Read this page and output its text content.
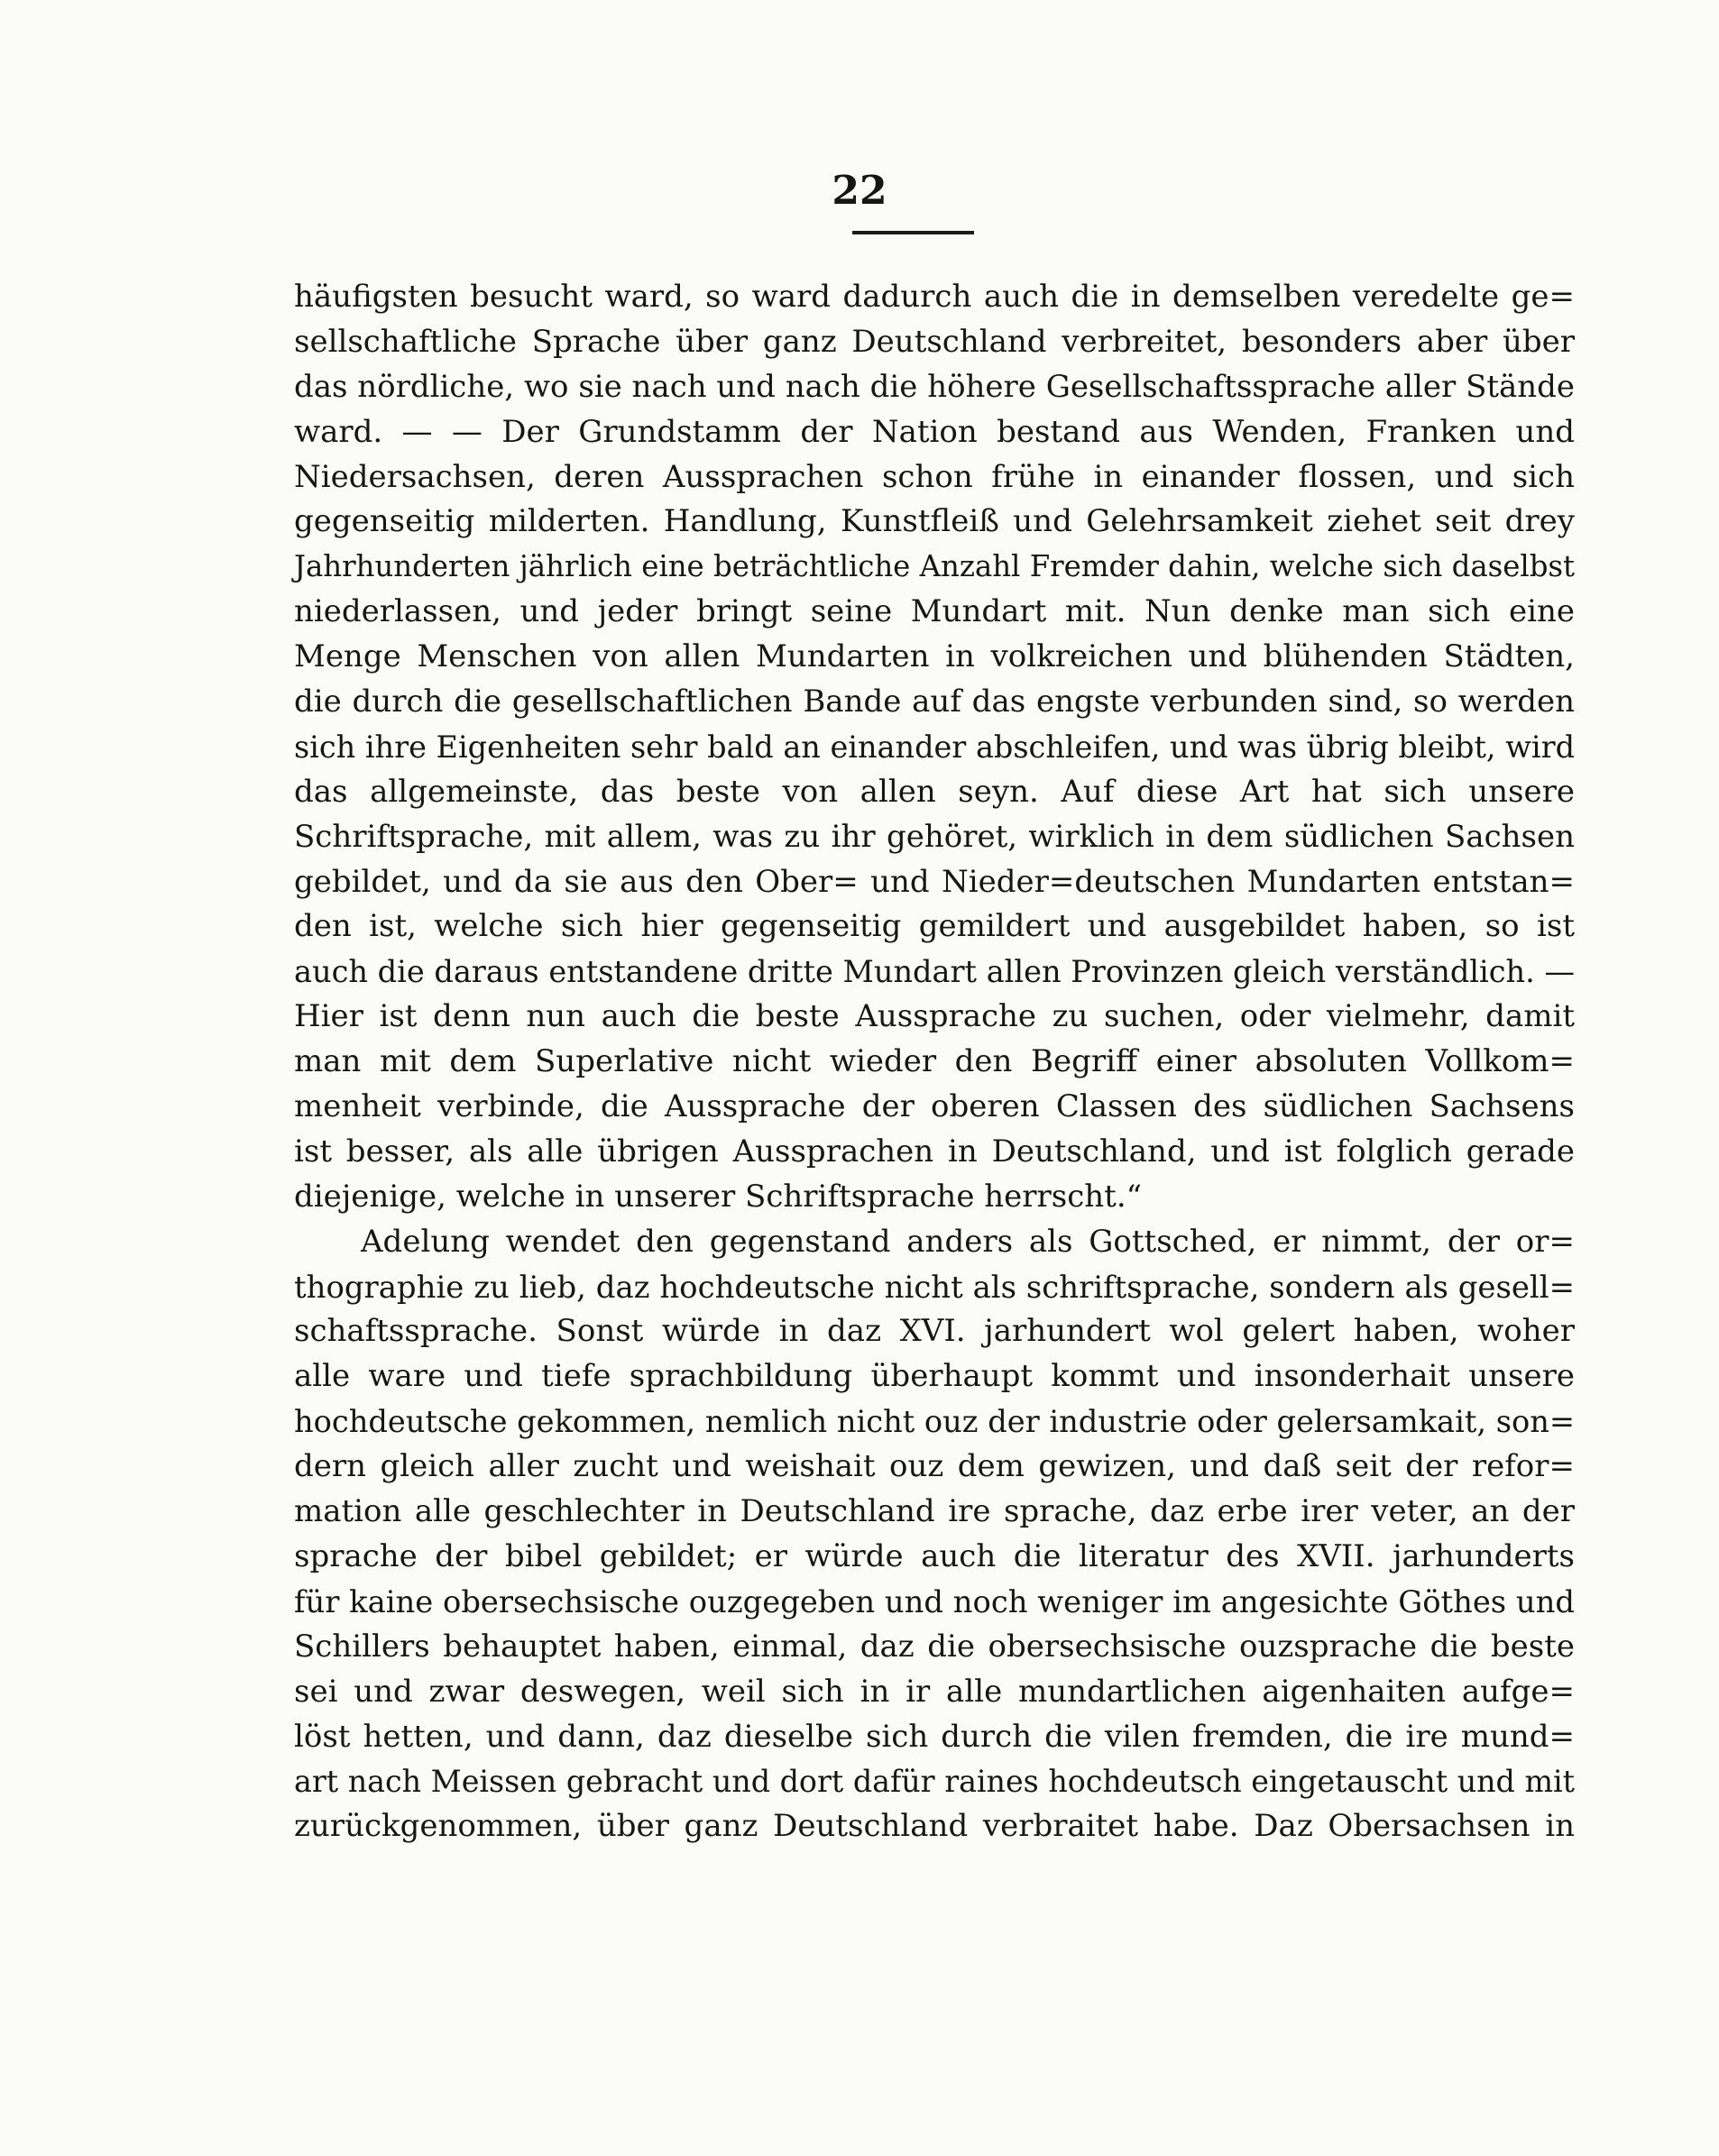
22
häufigsten besucht ward, so ward dadurch auch die in demselben veredelte ge=
sellschaftliche Sprache über ganz Deutschland verbreitet, besonders aber über
das nördliche, wo sie nach und nach die höhere Gesellschaftssprache aller Stände
ward. — — Der Grundstamm der Nation bestand aus Wenden, Franken und
Niedersachsen, deren Aussprachen schon frühe in einander flossen, und sich
gegenseitig milderten. Handlung, Kunstfleiß und Gelehrsamkeit ziehet seit drey
Jahrhunderten jährlich eine beträchtliche Anzahl Fremder dahin, welche sich daselbst
niederlassen, und jeder bringt seine Mundart mit. Nun denke man sich eine
Menge Menschen von allen Mundarten in volkreichen und blühenden Städten,
die durch die gesellschaftlichen Bande auf das engste verbunden sind, so werden
sich ihre Eigenheiten sehr bald an einander abschleifen, und was übrig bleibt, wird
das allgemeinste, das beste von allen seyn. Auf diese Art hat sich unsere
Schriftsprache, mit allem, was zu ihr gehöret, wirklich in dem südlichen Sachsen
gebildet, und da sie aus den Ober= und Nieder=deutschen Mundarten entstan=
den ist, welche sich hier gegenseitig gemildert und ausgebildet haben, so ist
auch die daraus entstandene dritte Mundart allen Provinzen gleich verständlich. —
Hier ist denn nun auch die beste Aussprache zu suchen, oder vielmehr, damit
man mit dem Superlative nicht wieder den Begriff einer absoluten Vollkom=
menheit verbinde, die Aussprache der oberen Classen des südlichen Sachsens
ist besser, als alle übrigen Aussprachen in Deutschland, und ist folglich gerade
diejenige, welche in unserer Schriftsprache herrscht.“
Adelung wendet den gegenstand anders als Gottsched, er nimmt, der or=
thographie zu lieb, daz hochdeutsche nicht als schriftsprache, sondern als gesell=
schaftssprache. Sonst würde in daz XVI. jarhundert wol gelert haben, woher
alle ware und tiefe sprachbildung überhaupt kommt und insonderhait unsere
hochdeutsche gekommen, nemlich nicht ouz der industrie oder gelersamkait, son=
dern gleich aller zucht und weishait ouz dem gewizen, und daß seit der refor=
mation alle geschlechter in Deutschland ire sprache, daz erbe irer veter, an der
sprache der bibel gebildet; er würde auch die literatur des XVII. jarhunderts
für kaine obersechsische ouzgegeben und noch weniger im angesichte Göthes und
Schillers behauptet haben, einmal, daz die obersechsische ouzsprache die beste
sei und zwar deswegen, weil sich in ir alle mundartlichen aigenhaiten aufge=
löst hetten, und dann, daz dieselbe sich durch die vilen fremden, die ire mund=
art nach Meissen gebracht und dort dafür raines hochdeutsch eingetauscht und mit
zurückgenommen, über ganz Deutschland verbraitet habe. Daz Obersachsen in
